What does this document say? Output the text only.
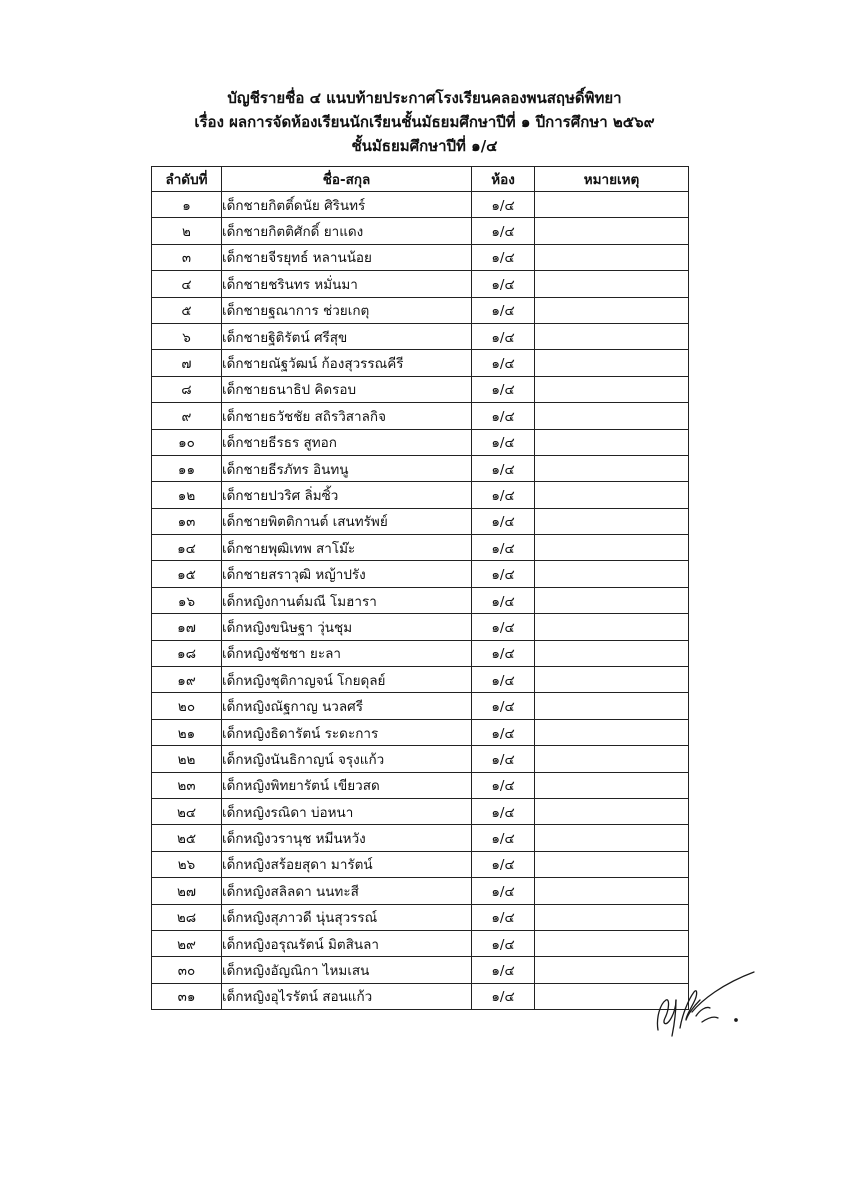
บัญชีรายชื่อ ๔ แนบท้ายประกาศโรงเรียนคลองพนสฤษดิ์พิทยา
เรื่อง ผลการจัดห้องเรียนนักเรียนชั้นมัธยมศึกษาปีที่ ๑ ปีการศึกษา ๒๕๖๙
ชั้นมัธยมศึกษาปีที่ ๑/๔
ลำดับที่	ชื่อ-สกุล	ห้อง	หมายเหตุ
๑	เด็กชายกิตติ์ดนัย ศิรินทร์	๑/๔	
๒	เด็กชายกิตติศักดิ์ ยาแดง	๑/๔	
๓	เด็กชายจีรยุทธ์ หลานน้อย	๑/๔	
๔	เด็กชายชรินทร หมั่นมา	๑/๔	
๕	เด็กชายฐณาการ ช่วยเกตุ	๑/๔	
๖	เด็กชายฐิติรัตน์ ศรีสุข	๑/๔	
๗	เด็กชายณัฐวัฒน์ ก้องสุวรรณคีรี	๑/๔	
๘	เด็กชายธนาธิป คิดรอบ	๑/๔	
๙	เด็กชายธวัชชัย สถิรวิสาลกิจ	๑/๔	
๑๐	เด็กชายธีรธร สูทอก	๑/๔	
๑๑	เด็กชายธีรภัทร อินทนู	๑/๔	
๑๒	เด็กชายปวริศ ลิ่มซิ้ว	๑/๔	
๑๓	เด็กชายพิตติกานต์ เสนทรัพย์	๑/๔	
๑๔	เด็กชายพุฒิเทพ สาโม๊ะ	๑/๔	
๑๕	เด็กชายสราวุฒิ หญ้าปรัง	๑/๔	
๑๖	เด็กหญิงกานต์มณี โมฮารา	๑/๔	
๑๗	เด็กหญิงขนิษฐา วุ่นชุม	๑/๔	
๑๘	เด็กหญิงชัชชา ยะลา	๑/๔	
๑๙	เด็กหญิงชุติกาญจน์ โกยดุลย์	๑/๔	
๒๐	เด็กหญิงณัฐกาญ นวลศรี	๑/๔	
๒๑	เด็กหญิงธิดารัตน์ ระดะการ	๑/๔	
๒๒	เด็กหญิงนันธิกาญน์ จรุงแก้ว	๑/๔	
๒๓	เด็กหญิงพิทยารัตน์ เขียวสด	๑/๔	
๒๔	เด็กหญิงรณิดา บ่อหนา	๑/๔	
๒๕	เด็กหญิงวรานุช หมีนหวัง	๑/๔	
๒๖	เด็กหญิงสร้อยสุดา มารัตน์	๑/๔	
๒๗	เด็กหญิงสลิลดา นนทะสี	๑/๔	
๒๘	เด็กหญิงสุภาวดี นุ่นสุวรรณ์	๑/๔	
๒๙	เด็กหญิงอรุณรัตน์ มิตสินลา	๑/๔	
๓๐	เด็กหญิงอัญณิกา ไหมเสน	๑/๔	
๓๑	เด็กหญิงอุไรรัตน์ สอนแก้ว	๑/๔	
